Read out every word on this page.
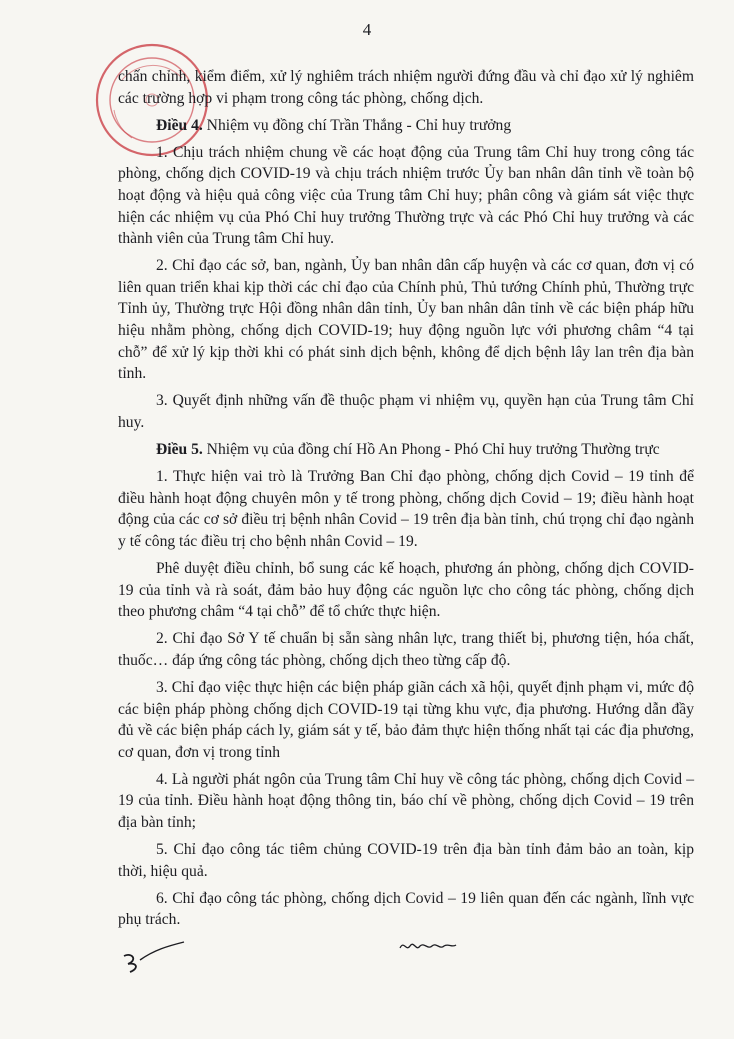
4

chấn chỉnh, kiểm điểm, xử lý nghiêm trách nhiệm người đứng đầu và chỉ đạo xử lý nghiêm các trường hợp vi phạm trong công tác phòng, chống dịch.

Điều 4. Nhiệm vụ đồng chí Trần Thắng - Chỉ huy trưởng

1. Chịu trách nhiệm chung về các hoạt động của Trung tâm Chỉ huy trong công tác phòng, chống dịch COVID-19 và chịu trách nhiệm trước Ủy ban nhân dân tỉnh về toàn bộ hoạt động và hiệu quả công việc của Trung tâm Chỉ huy; phân công và giám sát việc thực hiện các nhiệm vụ của Phó Chỉ huy trưởng Thường trực và các Phó Chỉ huy trưởng và các thành viên của Trung tâm Chỉ huy.

2. Chỉ đạo các sở, ban, ngành, Ủy ban nhân dân cấp huyện và các cơ quan, đơn vị có liên quan triển khai kịp thời các chỉ đạo của Chính phủ, Thủ tướng Chính phủ, Thường trực Tỉnh ủy, Thường trực Hội đồng nhân dân tỉnh, Ủy ban nhân dân tỉnh về các biện pháp hữu hiệu nhằm phòng, chống dịch COVID-19; huy động nguồn lực với phương châm “4 tại chỗ” để xử lý kịp thời khi có phát sinh dịch bệnh, không để dịch bệnh lây lan trên địa bàn tỉnh.

3. Quyết định những vấn đề thuộc phạm vi nhiệm vụ, quyền hạn của Trung tâm Chỉ huy.

Điều 5. Nhiệm vụ của đồng chí Hồ An Phong - Phó Chỉ huy trưởng Thường trực

1. Thực hiện vai trò là Trưởng Ban Chỉ đạo phòng, chống dịch Covid – 19 tỉnh để điều hành hoạt động chuyên môn y tế trong phòng, chống dịch Covid – 19; điều hành hoạt động của các cơ sở điều trị bệnh nhân Covid – 19 trên địa bàn tỉnh, chú trọng chỉ đạo ngành y tế công tác điều trị cho bệnh nhân Covid – 19.

Phê duyệt điều chỉnh, bổ sung các kế hoạch, phương án phòng, chống dịch COVID-19 của tỉnh và rà soát, đảm bảo huy động các nguồn lực cho công tác phòng, chống dịch theo phương châm “4 tại chỗ” để tổ chức thực hiện.

2. Chỉ đạo Sở Y tế chuẩn bị sẵn sàng nhân lực, trang thiết bị, phương tiện, hóa chất, thuốc… đáp ứng công tác phòng, chống dịch theo từng cấp độ.

3. Chỉ đạo việc thực hiện các biện pháp giãn cách xã hội, quyết định phạm vi, mức độ các biện pháp phòng chống dịch COVID-19 tại từng khu vực, địa phương. Hướng dẫn đầy đủ về các biện pháp cách ly, giám sát y tế, bảo đảm thực hiện thống nhất tại các địa phương, cơ quan, đơn vị trong tỉnh

4. Là người phát ngôn của Trung tâm Chỉ huy về công tác phòng, chống dịch Covid – 19 của tỉnh. Điều hành hoạt động thông tin, báo chí về phòng, chống dịch Covid – 19 trên địa bàn tỉnh;

5. Chỉ đạo công tác tiêm chủng COVID-19 trên địa bàn tỉnh đảm bảo an toàn, kịp thời, hiệu quả.

6. Chỉ đạo công tác phòng, chống dịch Covid – 19 liên quan đến các ngành, lĩnh vực phụ trách.
